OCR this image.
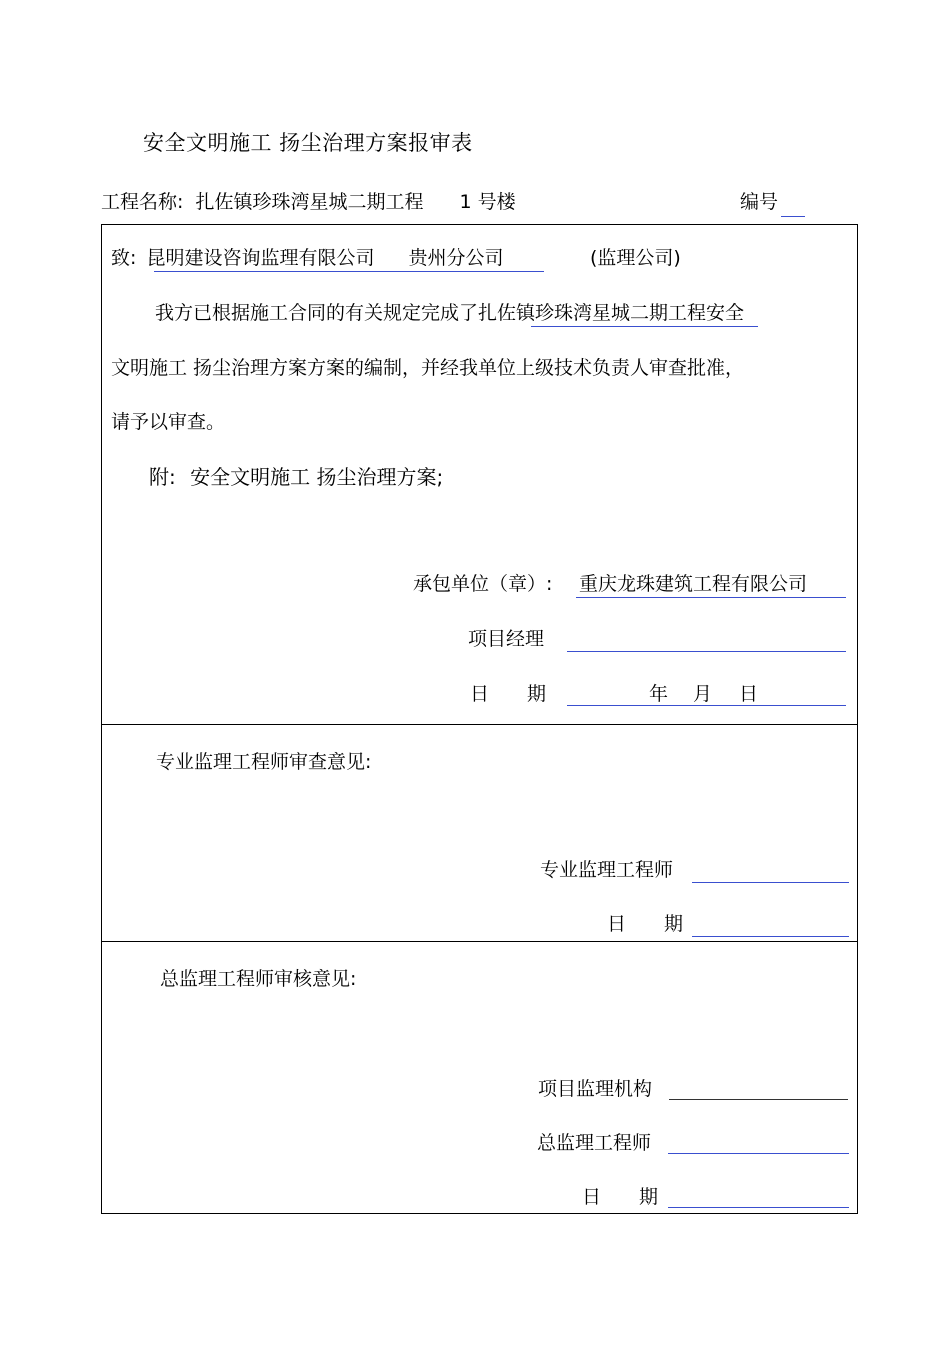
安全文明施工 扬尘治理方案报审表
工程名称: 扎佐镇珍珠湾星城二期工程 1 号楼	编号
致: 昆明建设咨询监理有限公司 贵州分公司	(监理公司)
我方已根据施工合同的有关规定完成了扎佐镇珍珠湾星城二期工程安全
文明施工 扬尘治理方案方案的编制，并经我单位上级技术负责人审查批准，
请予以审查。
附: 安全文明施工 扬尘治理方案;
承包单位（章）: 重庆龙珠建筑工程有限公司
项目经理
日　　期	年 月 日
专业监理工程师审查意见:
专业监理工程师
日　　期
总监理工程师审核意见:
项目监理机构
总监理工程师
日　　期
